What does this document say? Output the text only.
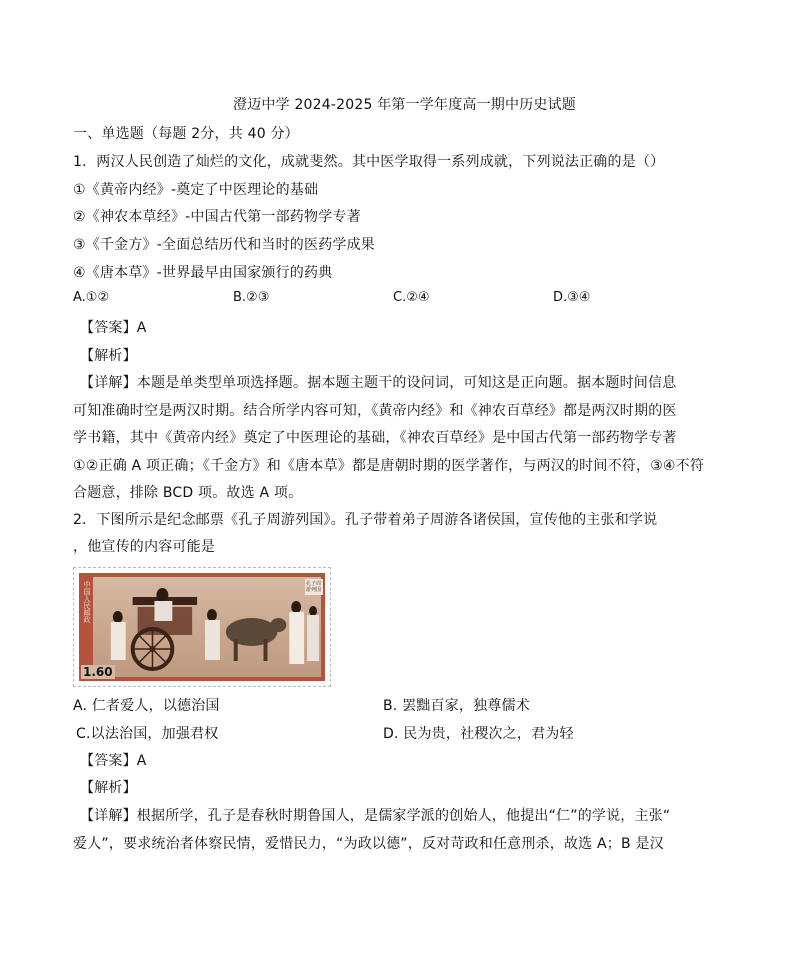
澄迈中学 2024-2025 年第一学年度高一期中历史试题
一、单选题（每题 2分，共 40 分）
1．两汉人民创造了灿烂的文化，成就斐然。其中医学取得一系列成就，下列说法正确的是（）
①《黄帝内经》-奠定了中医理论的基础
②《神农本草经》-中国古代第一部药物学专著
③《千金方》-全面总结历代和当时的医药学成果
④《唐本草》-世界最早由国家颁行的药典
A.①②	B.②③	C.②④	D.③④
【答案】A
【解析】
【详解】本题是单类型单项选择题。据本题主题干的设问词，可知这是正向题。据本题时间信息
可知准确时空是两汉时期。结合所学内容可知，《黄帝内经》和《神农百草经》都是两汉时期的医
学书籍，其中《黄帝内经》奠定了中医理论的基础，《神农百草经》是中国古代第一部药物学专著
①②正确 A 项正确；《千金方》和《唐本草》都是唐朝时期的医学著作，与两汉的时间不符，③④不符
合题意，排除 BCD 项。故选 A 项。
2．下图所示是纪念邮票《孔子周游列国》。孔子带着弟子周游各诸侯国，宣传他的主张和学说
，他宣传的内容可能是
中国人民邮政	孔子周游列国
1.60
A. 仁者爱人，以德治国	B. 罢黜百家，独尊儒术
C.以法治国，加强君权	D. 民为贵，社稷次之，君为轻
【答案】A
【解析】
【详解】根据所学，孔子是春秋时期鲁国人，是儒家学派的创始人，他提出“仁”的学说，主张“
爱人”，要求统治者体察民情，爱惜民力，“为政以德”，反对苛政和任意刑杀，故选 A；B 是汉
